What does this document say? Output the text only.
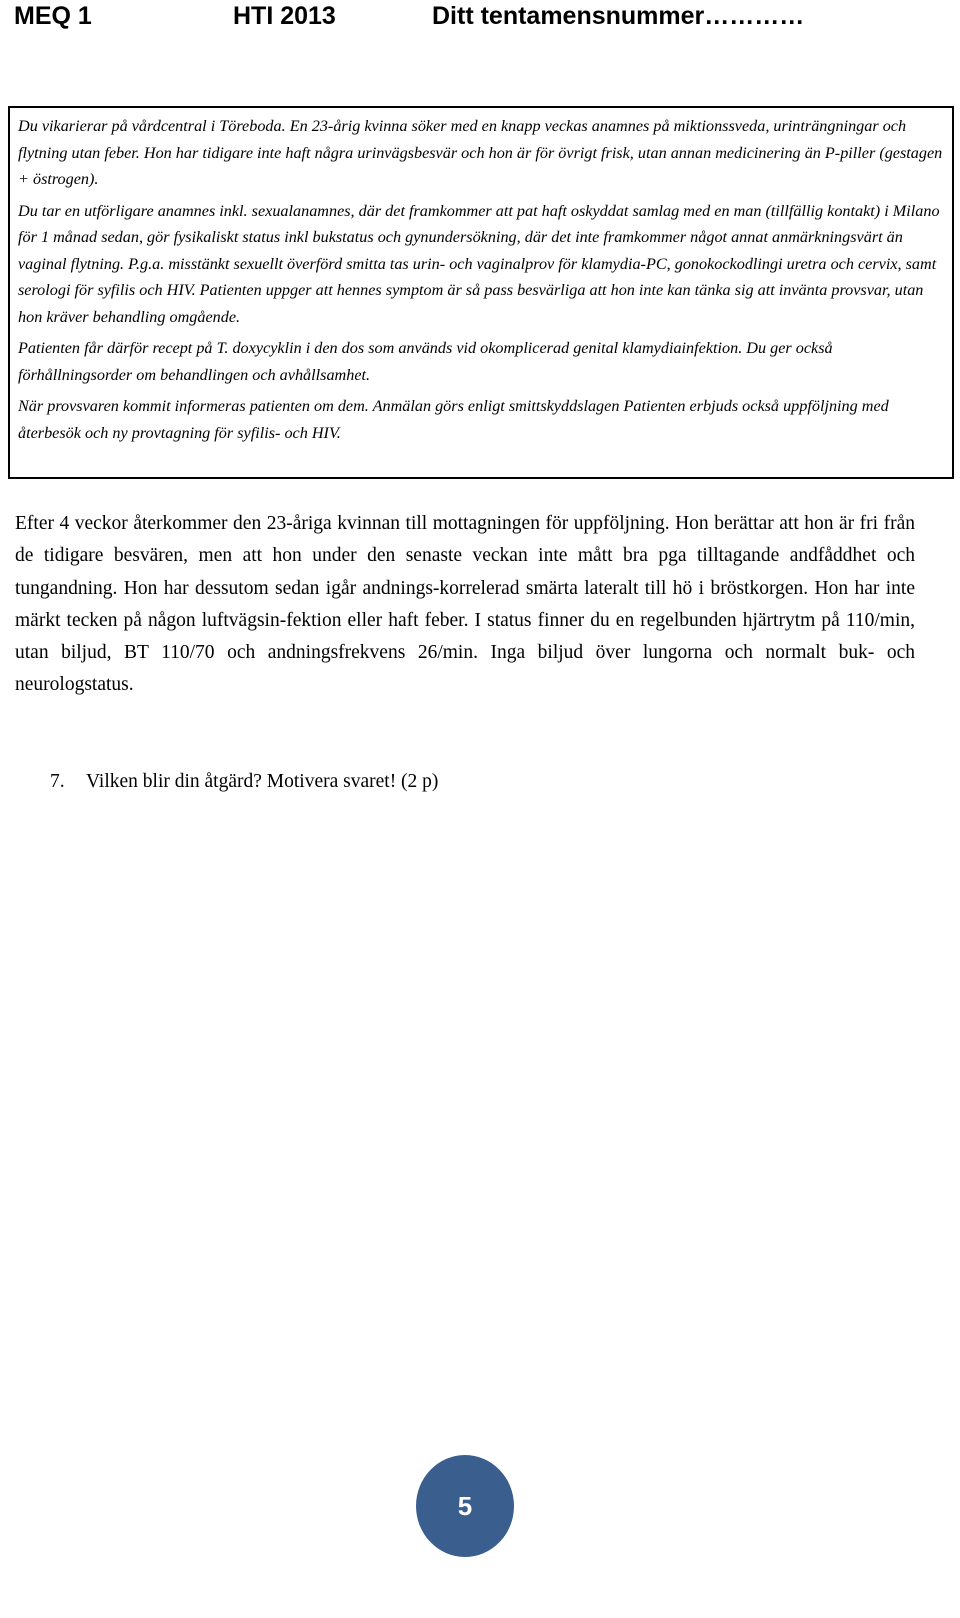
MEQ 1	HTI 2013	Ditt tentamensnummer…………

Du vikarierar på vårdcentral i Töreboda. En 23-årig kvinna söker med en knapp veckas anamnes på miktionssveda, urinträngningar och flytning utan feber. Hon har tidigare inte haft några urinvägsbesvär och hon är för övrigt frisk, utan annan medicinering än P-piller (gestagen + östrogen).

Du tar en utförligare anamnes inkl. sexualanamnes, där det framkommer att pat haft oskyddat samlag med en man (tillfällig kontakt) i Milano för 1 månad sedan, gör fysikaliskt status inkl bukstatus och gynundersökning, där det inte framkommer något annat anmärkningsvärt än vaginal flytning. P.g.a. misstänkt sexuellt överförd smitta tas urin- och vaginalprov för klamydia-PC, gonokockodlingi uretra och cervix, samt serologi för syfilis och HIV. Patienten uppger att hennes symptom är så pass besvärliga att hon inte kan tänka sig att invänta provsvar, utan hon kräver behandling omgående.

Patienten får därför recept på T. doxycyklin i den dos som används vid okomplicerad genital klamydiainfektion. Du ger också förhållningsorder om behandlingen och avhållsamhet.

När provsvaren kommit informeras patienten om dem. Anmälan görs enligt smittskyddslagen Patienten erbjuds också uppföljning med återbesök och ny provtagning för syfilis- och HIV.

Efter 4 veckor återkommer den 23-åriga kvinnan till mottagningen för uppföljning. Hon berättar att hon är fri från de tidigare besvären, men att hon under den senaste veckan inte mått bra pga tilltagande andfåddhet och tungandning. Hon har dessutom sedan igår andnings-korrelerad smärta lateralt till hö i bröstkorgen. Hon har inte märkt tecken på någon luftvägsin-fektion eller haft feber. I status finner du en regelbunden hjärtrytm på 110/min, utan biljud, BT 110/70 och andningsfrekvens 26/min. Inga biljud över lungorna och normalt buk- och neurologstatus.

7. Vilken blir din åtgärd? Motivera svaret! (2 p)
5
